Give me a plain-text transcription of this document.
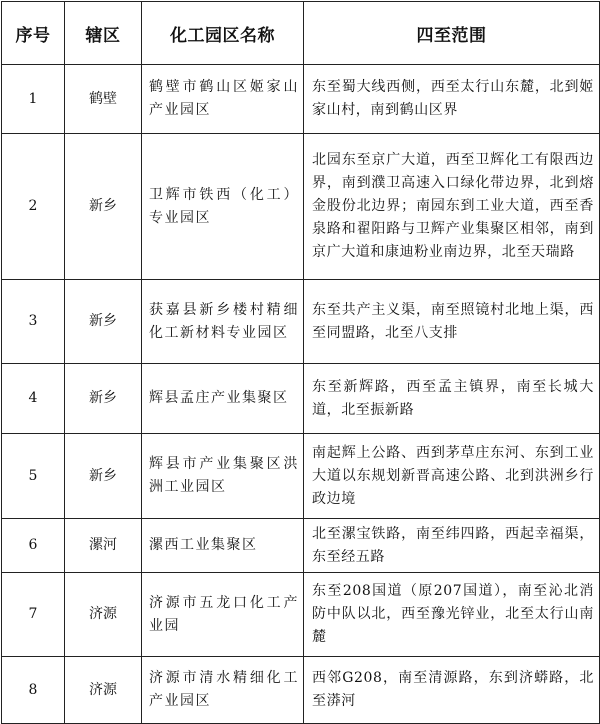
序号	辖区	化工园区名称	四至范围
1	鹤壁	鹤壁市鹤山区姬家山产业园区	东至蜀大线西侧，西至太行山东麓，北到姬家山村，南到鹤山区界
2	新乡	卫辉市铁西（化工）专业园区	北园东至京广大道，西至卫辉化工有限西边界，南到濮卫高速入口绿化带边界，北到熔金股份北边界；南园东到工业大道，西至香泉路和翟阳路与卫辉产业集聚区相邻，南到京广大道和康迪粉业南边界，北至天瑞路
3	新乡	获嘉县新乡楼村精细化工新材料专业园区	东至共产主义渠，南至照镜村北地上渠，西至同盟路，北至八支排
4	新乡	辉县孟庄产业集聚区	东至新辉路，西至孟主镇界，南至长城大道，北至振新路
5	新乡	辉县市产业集聚区洪洲工业园区	南起辉上公路、西到茅草庄东河、东到工业大道以东规划新晋高速公路、北到洪洲乡行政边境
6	漯河	漯西工业集聚区	北至漯宝铁路，南至纬四路，西起幸福渠，东至经五路
7	济源	济源市五龙口化工产业园	东至208国道（原207国道），南至沁北消防中队以北，西至豫光锌业，北至太行山南麓
8	济源	济源市清水精细化工产业园区	西邻G208，南至清源路，东到济蟒路，北至漭河
